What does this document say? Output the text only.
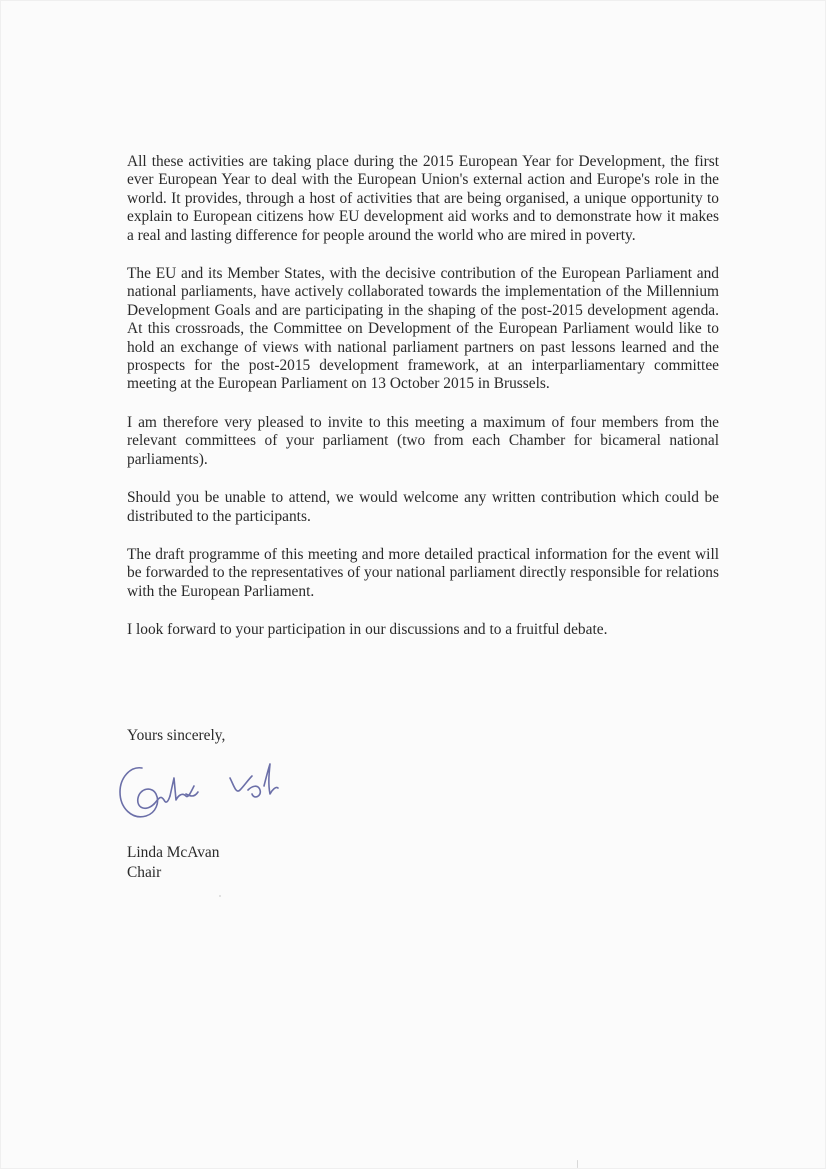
All these activities are taking place during the 2015 European Year for Development, the first ever European Year to deal with the European Union's external action and Europe's role in the world. It provides, through a host of activities that are being organised, a unique opportunity to explain to European citizens how EU development aid works and to demonstrate how it makes a real and lasting difference for people around the world who are mired in poverty.

The EU and its Member States, with the decisive contribution of the European Parliament and national parliaments, have actively collaborated towards the implementation of the Millennium Development Goals and are participating in the shaping of the post-2015 development agenda. At this crossroads, the Committee on Development of the European Parliament would like to hold an exchange of views with national parliament partners on past lessons learned and the prospects for the post-2015 development framework, at an interparliamentary committee meeting at the European Parliament on 13 October 2015 in Brussels.

I am therefore very pleased to invite to this meeting a maximum of four members from the relevant committees of your parliament (two from each Chamber for bicameral national parliaments).

Should you be unable to attend, we would welcome any written contribution which could be distributed to the participants.

The draft programme of this meeting and more detailed practical information for the event will be forwarded to the representatives of your national parliament directly responsible for relations with the European Parliament.

I look forward to your participation in our discussions and to a fruitful debate.

Yours sincerely,

Linda McAvan
Chair
